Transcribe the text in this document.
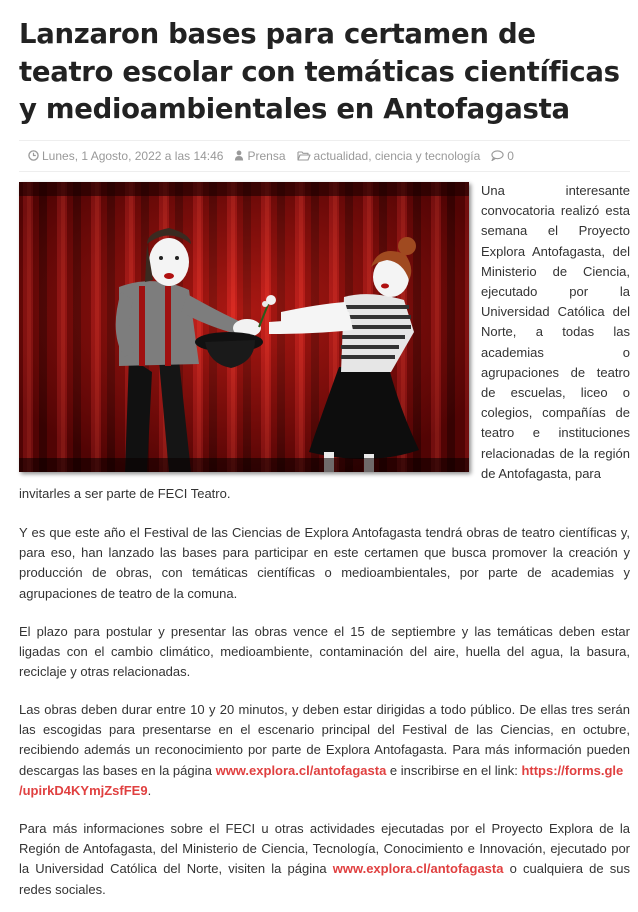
Lanzaron bases para certamen de teatro escolar con temáticas científicas y medioambientales en Antofagasta
Lunes, 1 Agosto, 2022 a las 14:46 Prensa actualidad, ciencia y tecnología 0

Una interesante convocatoria realizó esta semana el Proyecto Explora Antofagasta, del Ministerio de Ciencia, ejecutado por la Universidad Católica del Norte, a todas las academias o agrupaciones de teatro de escuelas, liceo o colegios, compañías de teatro e instituciones relacionadas de la región de Antofagasta, para

invitarles a ser parte de FECI Teatro.

Y es que este año el Festival de las Ciencias de Explora Antofagasta tendrá obras de teatro científicas y, para eso, han lanzado las bases para participar en este certamen que busca promover la creación y producción de obras, con temáticas científicas o medioambientales, por parte de academias y agrupaciones de teatro de la comuna.

El plazo para postular y presentar las obras vence el 15 de septiembre y las temáticas deben estar ligadas con el cambio climático, medioambiente, contaminación del aire, huella del agua, la basura, reciclaje y otras relacionadas.

Las obras deben durar entre 10 y 20 minutos, y deben estar dirigidas a todo público. De ellas tres serán las escogidas para presentarse en el escenario principal del Festival de las Ciencias, en octubre, recibiendo además un reconocimiento por parte de Explora Antofagasta. Para más información pueden descargas las bases en la página www.explora.cl/antofagasta e inscribirse en el link: https://forms.gle
/upirkD4KYmjZsfFE9.

Para más informaciones sobre el FECI u otras actividades ejecutadas por el Proyecto Explora de la Región de Antofagasta, del Ministerio de Ciencia, Tecnología, Conocimiento e Innovación, ejecutado por la Universidad Católica del Norte, visiten la página www.explora.cl/antofagasta o cualquiera de sus redes sociales.
